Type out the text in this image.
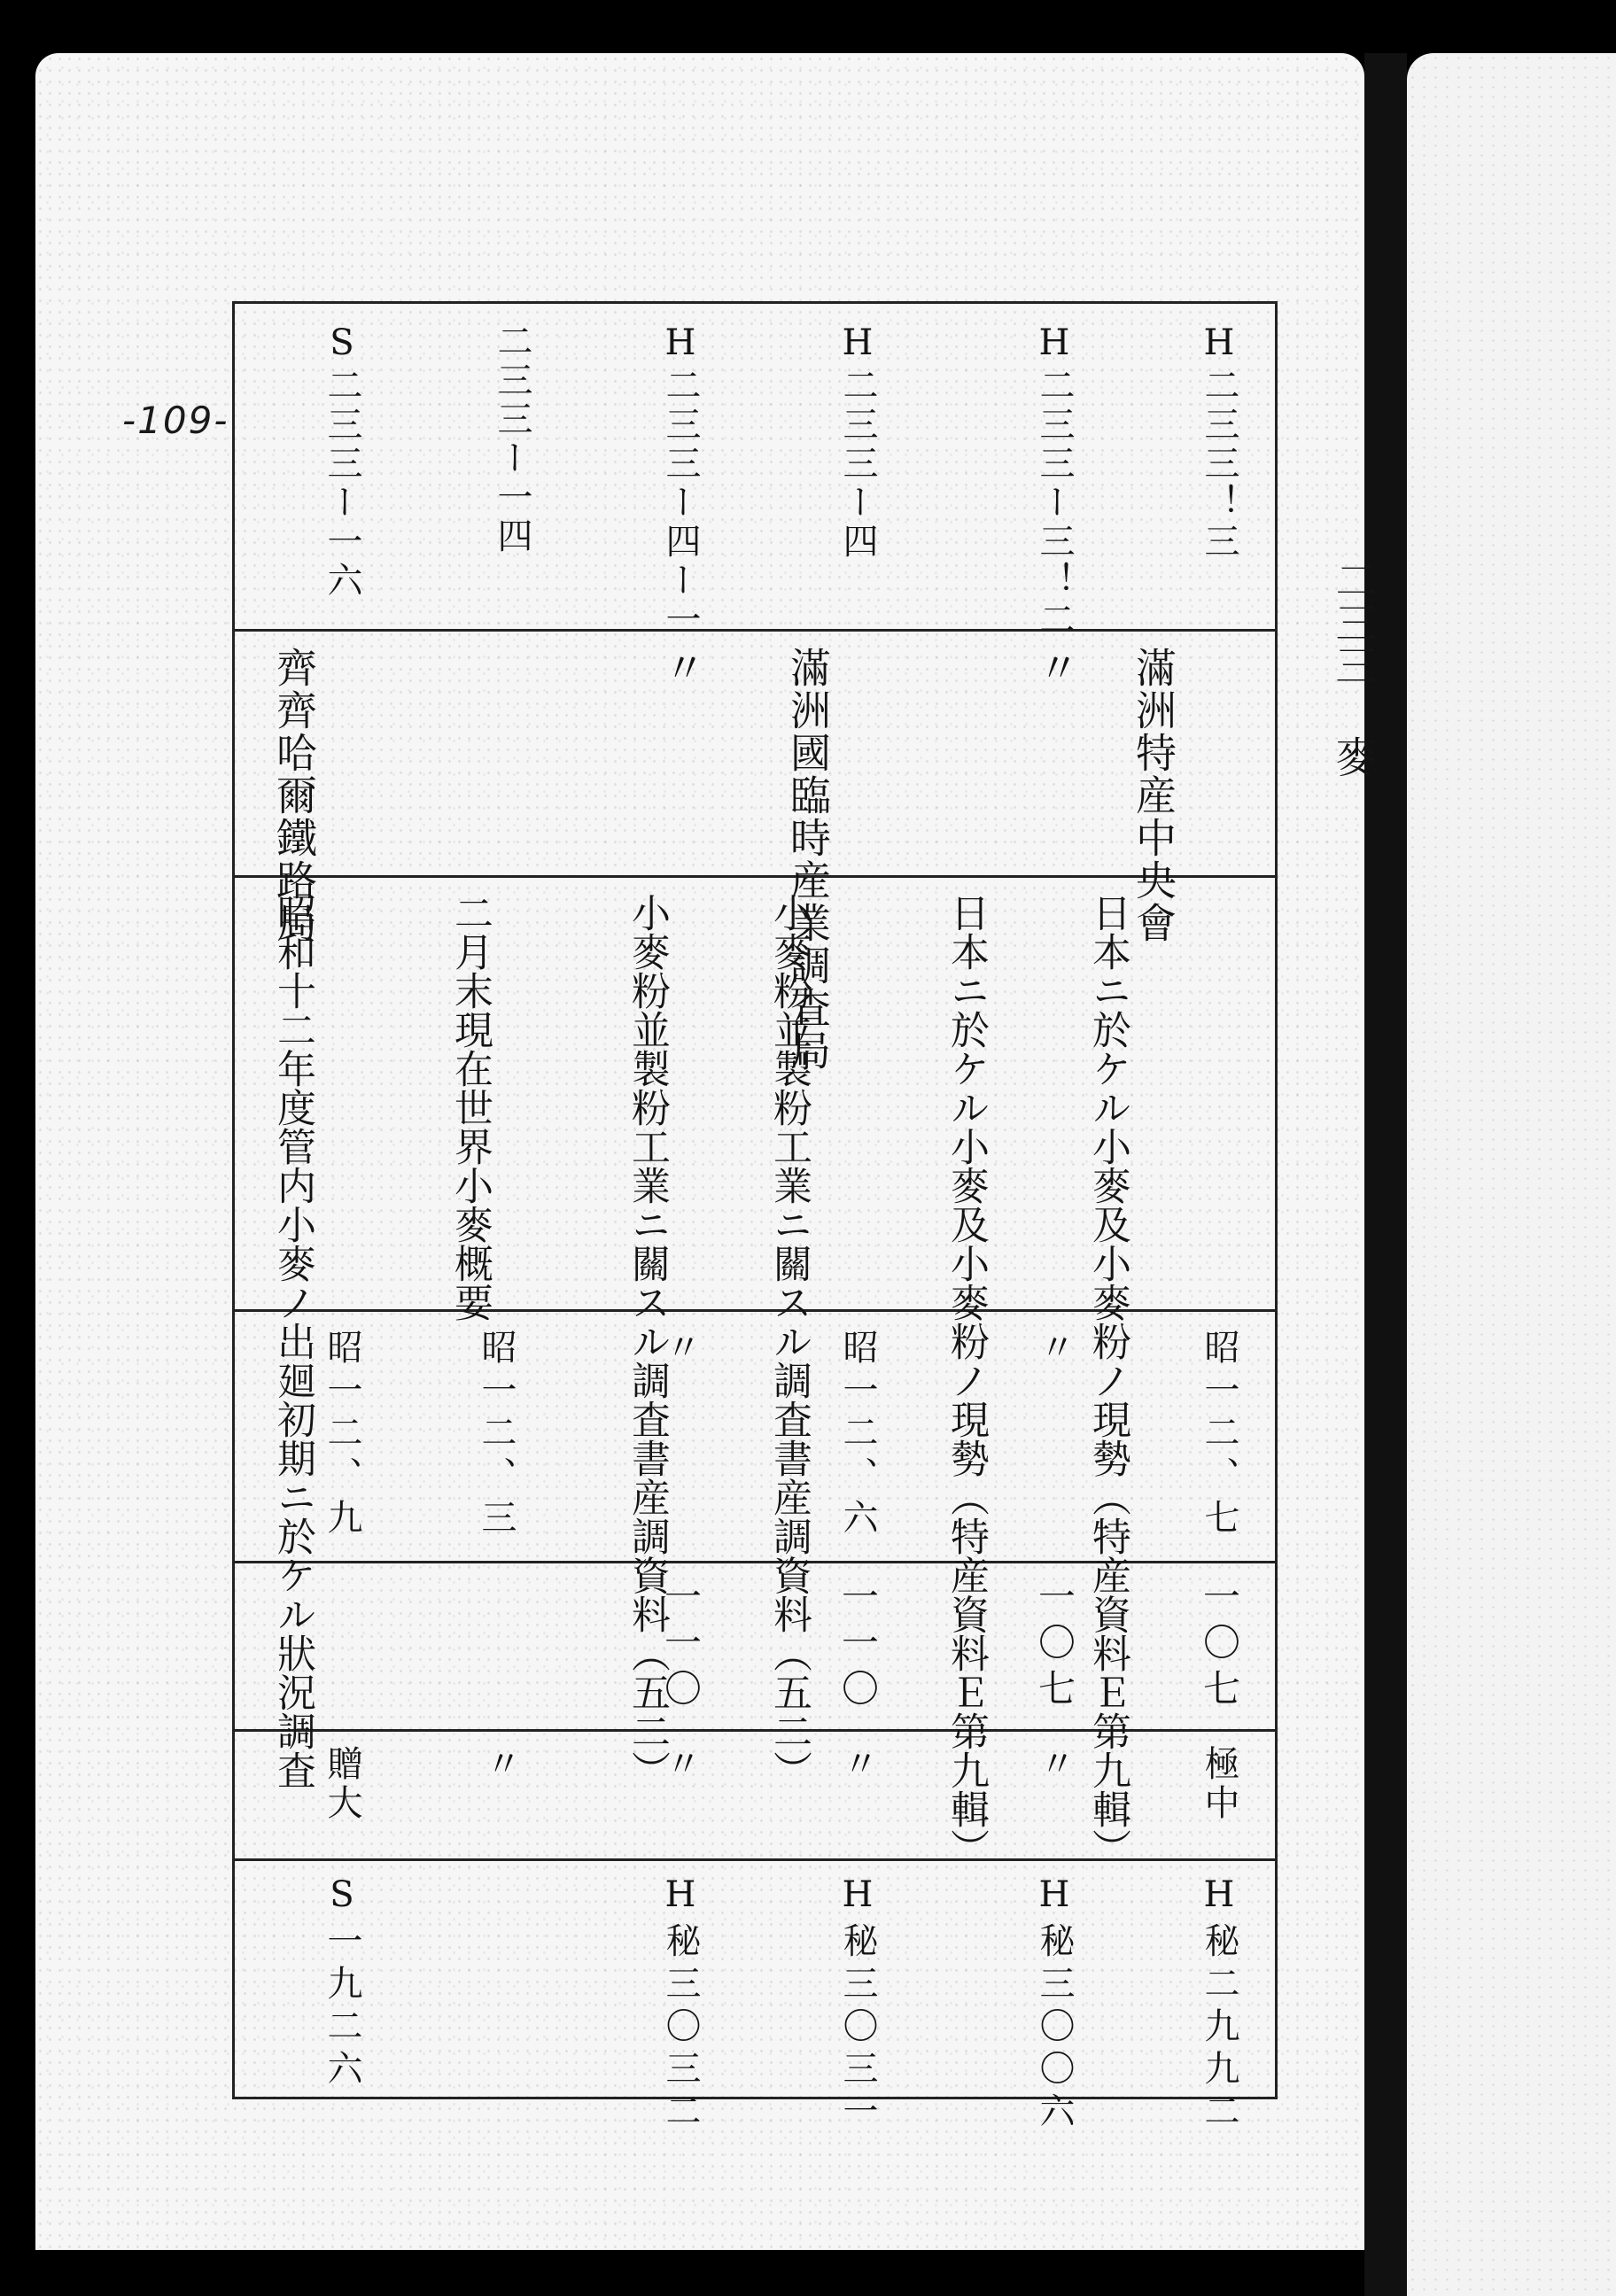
-109-
二三三 麥
H二三三！三
滿洲特産中央會
日本ニ於ケル小麥及小麥粉ノ現勢（特産資料Ｅ第九輯） 昭一二、七
一〇七
極中
H秘二九九二
H二三三ー三！二
〃
日本ニ於ケル小麥及小麥粉ノ現勢（特産資料Ｅ第九輯） 〃
一〇七
〃
H秘三〇〇六
H二三三ー四
滿洲國臨時産業調査局
小麥粉並製粉工業ニ關スル調査書産調資料（五二） 昭一二、六
一一〇
〃
H秘三〇三一
H二三三ー四ー一
〃
小麥粉並製粉工業ニ關スル調査書産調資料（五二）
〃
一一〇
〃
H秘三〇三二
二三三ー一四
二月末現在世界小麥概要
昭一二、三
〃
S二三三ー一六
齊齊哈爾鐵路局
昭和十二年度管内小麥ノ出廻初期ニ於ケル狀況調査 昭一二、九
贈大
S一九二六
